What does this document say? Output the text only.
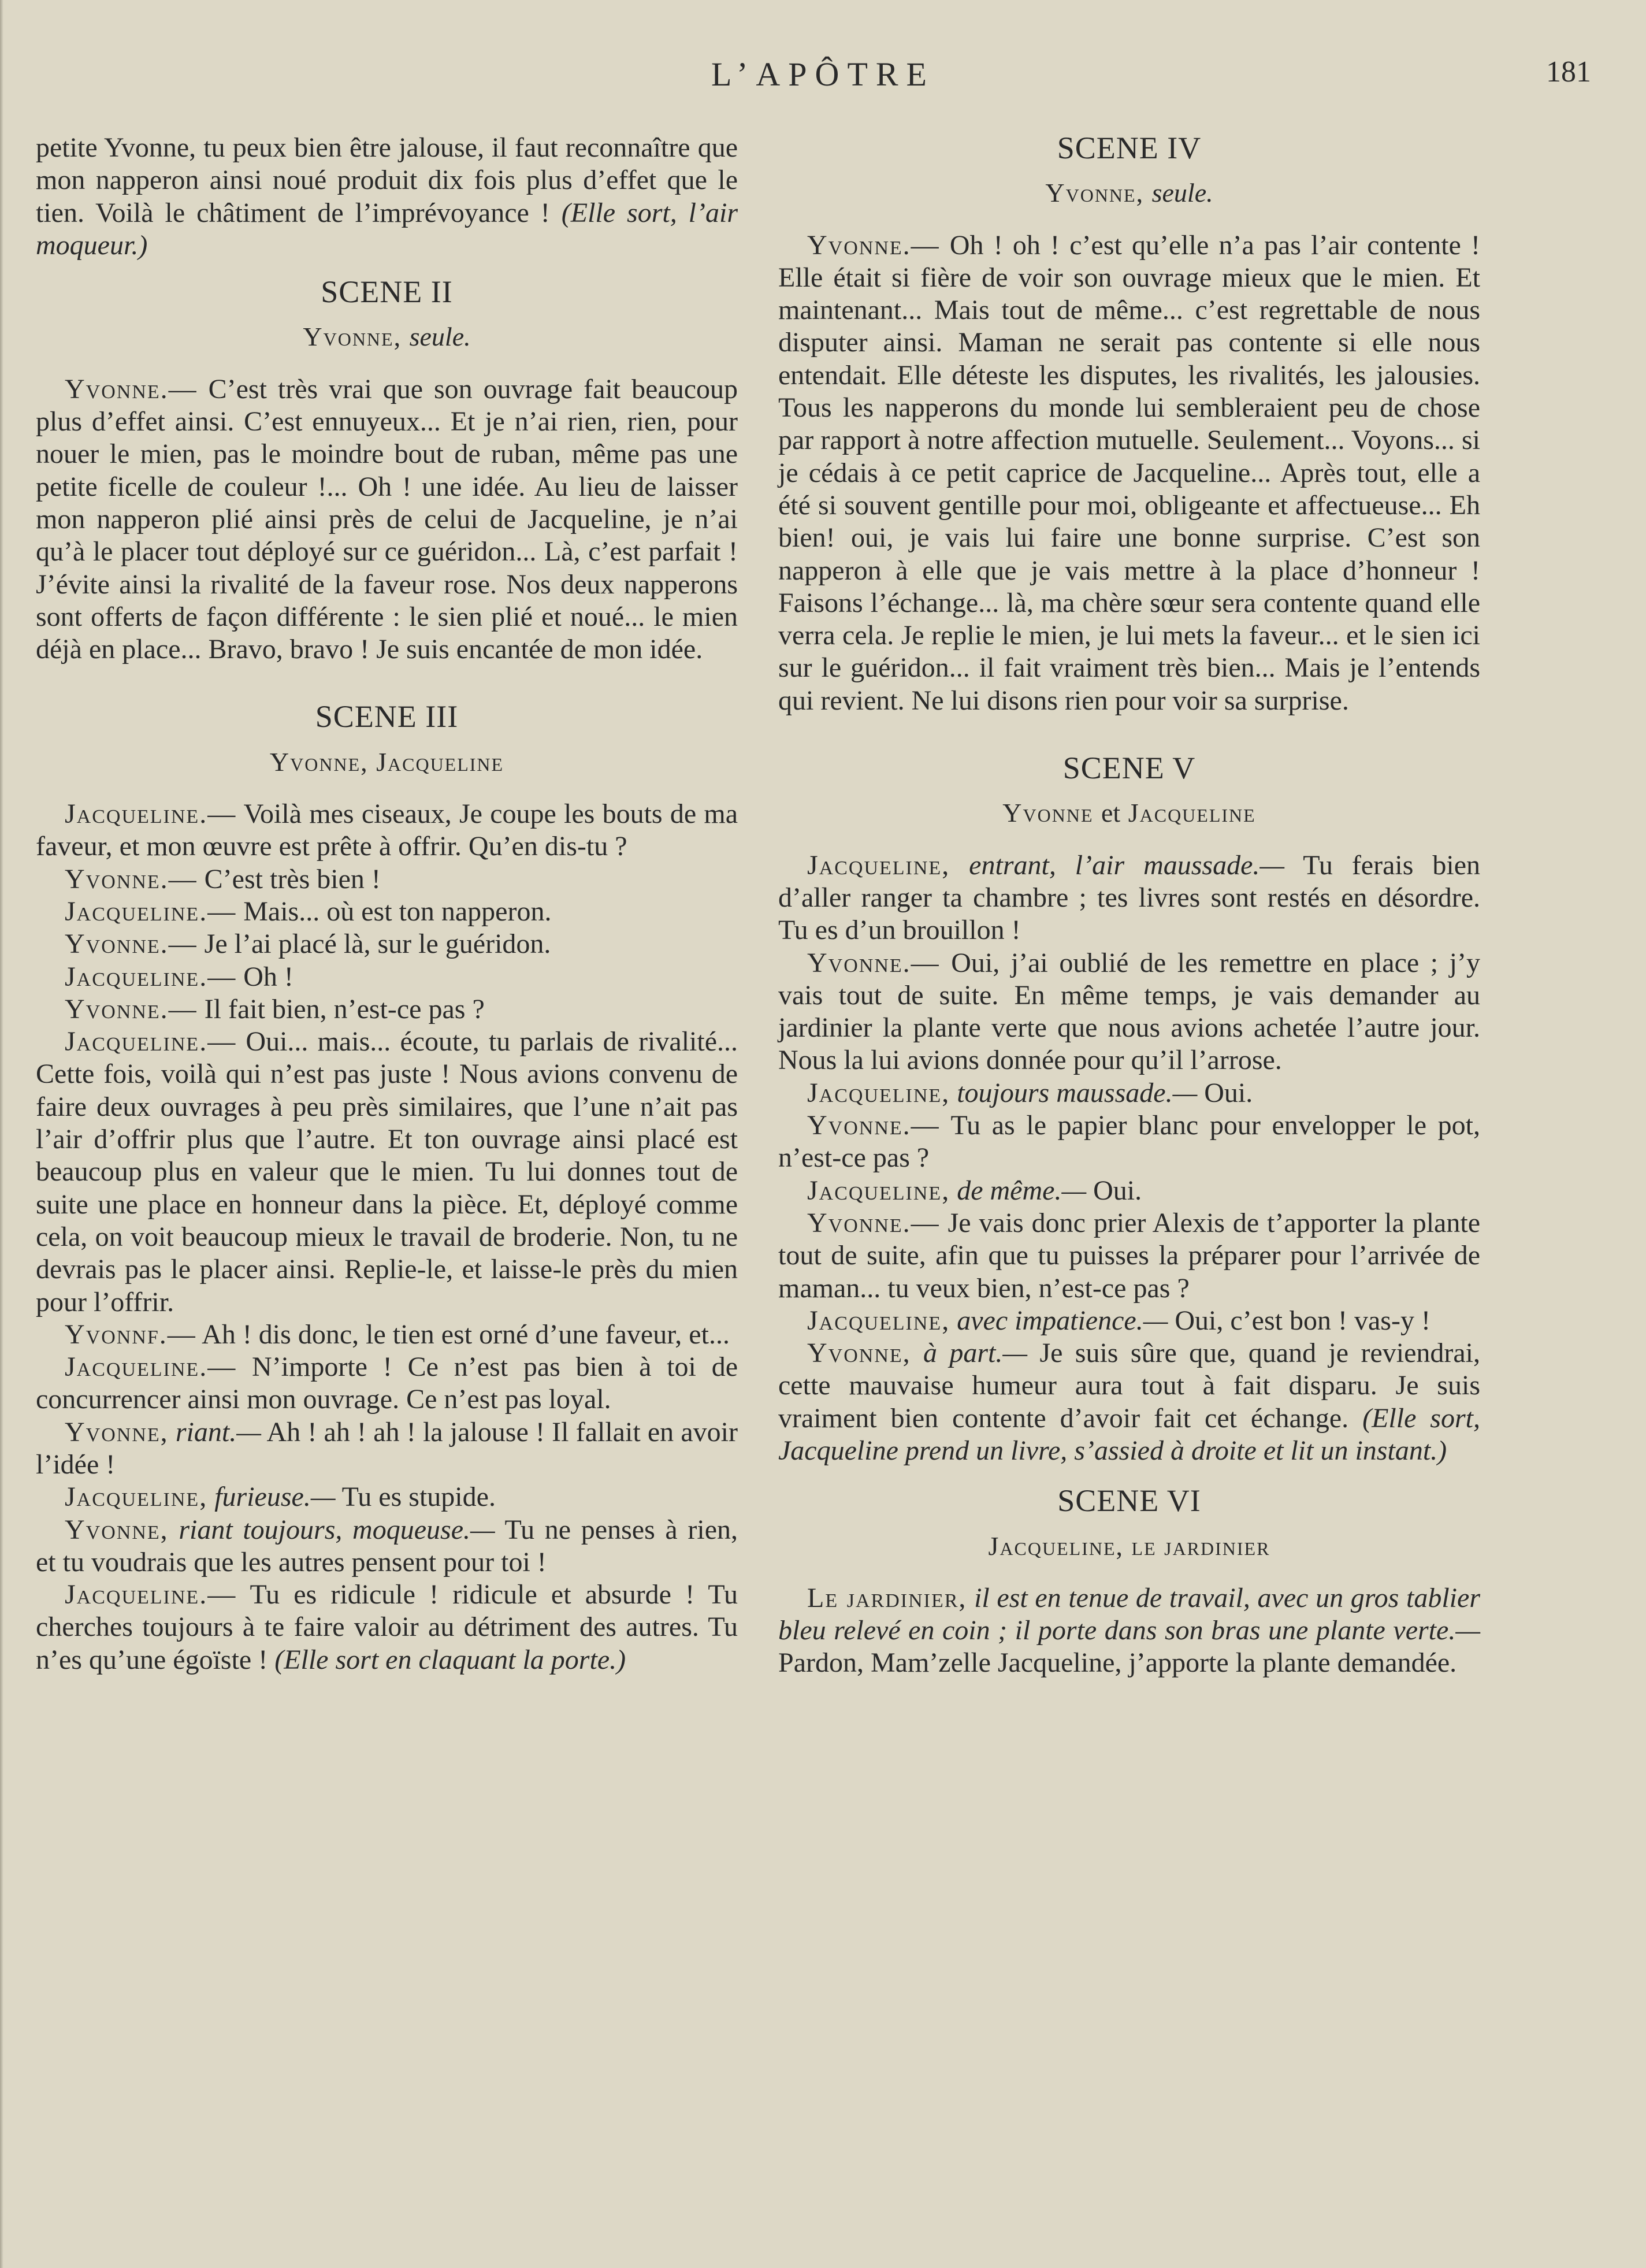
L’APÔTRE	181

petite Yvonne, tu peux bien être jalouse, il faut reconnaître que mon napperon ainsi noué produit dix fois plus d’effet que le tien. Voilà le châtiment de l’imprévoyance ! (Elle sort, l’air moqueur.)

SCENE II
Yvonne, seule.

Yvonne.— C’est très vrai que son ouvrage fait beaucoup plus d’effet ainsi. C’est ennuyeux... Et je n’ai rien, rien, pour nouer le mien, pas le moindre bout de ruban, même pas une petite ficelle de couleur !... Oh ! une idée. Au lieu de laisser mon napperon plié ainsi près de celui de Jacqueline, je n’ai qu’à le placer tout déployé sur ce guéridon... Là, c’est parfait ! J’évite ainsi la rivalité de la faveur rose. Nos deux napperons sont offerts de façon différente : le sien plié et noué... le mien déjà en place... Bravo, bravo ! Je suis encantée de mon idée.

SCENE III
Yvonne, Jacqueline

Jacqueline.— Voilà mes ciseaux, Je coupe les bouts de ma faveur, et mon œuvre est prête à offrir. Qu’en dis-tu ?

Yvonne.— C’est très bien !

Jacqueline.— Mais... où est ton napperon.

Yvonne.— Je l’ai placé là, sur le guéridon.

Jacqueline.— Oh !

Yvonne.— Il fait bien, n’est-ce pas ?

Jacqueline.— Oui... mais... écoute, tu parlais de rivalité... Cette fois, voilà qui n’est pas juste ! Nous avions convenu de faire deux ouvrages à peu près similaires, que l’une n’ait pas l’air d’offrir plus que l’autre. Et ton ouvrage ainsi placé est beaucoup plus en valeur que le mien. Tu lui donnes tout de suite une place en honneur dans la pièce. Et, déployé comme cela, on voit beaucoup mieux le travail de broderie. Non, tu ne devrais pas le placer ainsi. Replie-le, et laisse-le près du mien pour l’offrir.

Yvonnf.— Ah ! dis donc, le tien est orné d’une faveur, et...

Jacqueline.— N’importe ! Ce n’est pas bien à toi de concurrencer ainsi mon ouvrage. Ce n’est pas loyal.

Yvonne, riant.— Ah ! ah ! ah ! la jalouse ! Il fallait en avoir l’idée !

Jacqueline, furieuse.— Tu es stupide.

Yvonne, riant toujours, moqueuse.— Tu ne penses à rien, et tu voudrais que les autres pensent pour toi !

Jacqueline.— Tu es ridicule ! ridicule et absurde ! Tu cherches toujours à te faire valoir au détriment des autres. Tu n’es qu’une égoïste ! (Elle sort en claquant la porte.)

SCENE IV
Yvonne, seule.

Yvonne.— Oh ! oh ! c’est qu’elle n’a pas l’air contente ! Elle était si fière de voir son ouvrage mieux que le mien. Et maintenant... Mais tout de même... c’est regrettable de nous disputer ainsi. Maman ne serait pas contente si elle nous entendait. Elle déteste les disputes, les rivalités, les jalousies. Tous les napperons du monde lui sembleraient peu de chose par rapport à notre affection mutuelle. Seulement... Voyons... si je cédais à ce petit caprice de Jacqueline... Après tout, elle a été si souvent gentille pour moi, obligeante et affectueuse... Eh bien! oui, je vais lui faire une bonne surprise. C’est son napperon à elle que je vais mettre à la place d’honneur ! Faisons l’échange... là, ma chère sœur sera contente quand elle verra cela. Je replie le mien, je lui mets la faveur... et le sien ici sur le guéridon... il fait vraiment très bien... Mais je l’entends qui revient. Ne lui disons rien pour voir sa surprise.

SCENE V
Yvonne et Jacqueline

Jacqueline, entrant, l’air maussade.— Tu ferais bien d’aller ranger ta chambre ; tes livres sont restés en désordre. Tu es d’un brouillon !

Yvonne.— Oui, j’ai oublié de les remettre en place ; j’y vais tout de suite. En même temps, je vais demander au jardinier la plante verte que nous avions achetée l’autre jour. Nous la lui avions donnée pour qu’il l’arrose.

Jacqueline, toujours maussade.— Oui.

Yvonne.— Tu as le papier blanc pour envelopper le pot, n’est-ce pas ?

Jacqueline, de même.— Oui.

Yvonne.— Je vais donc prier Alexis de t’apporter la plante tout de suite, afin que tu puisses la préparer pour l’arrivée de maman... tu veux bien, n’est-ce pas ?

Jacqueline, avec impatience.— Oui, c’est bon ! vas-y !

Yvonne, à part.— Je suis sûre que, quand je reviendrai, cette mauvaise humeur aura tout à fait disparu. Je suis vraiment bien contente d’avoir fait cet échange. (Elle sort, Jacqueline prend un livre, s’assied à droite et lit un instant.)

SCENE VI
Jacqueline, le jardinier

Le jardinier, il est en tenue de travail, avec un gros tablier bleu relevé en coin ; il porte dans son bras une plante verte.— Pardon, Mam’zelle Jacqueline, j’apporte la plante demandée.
